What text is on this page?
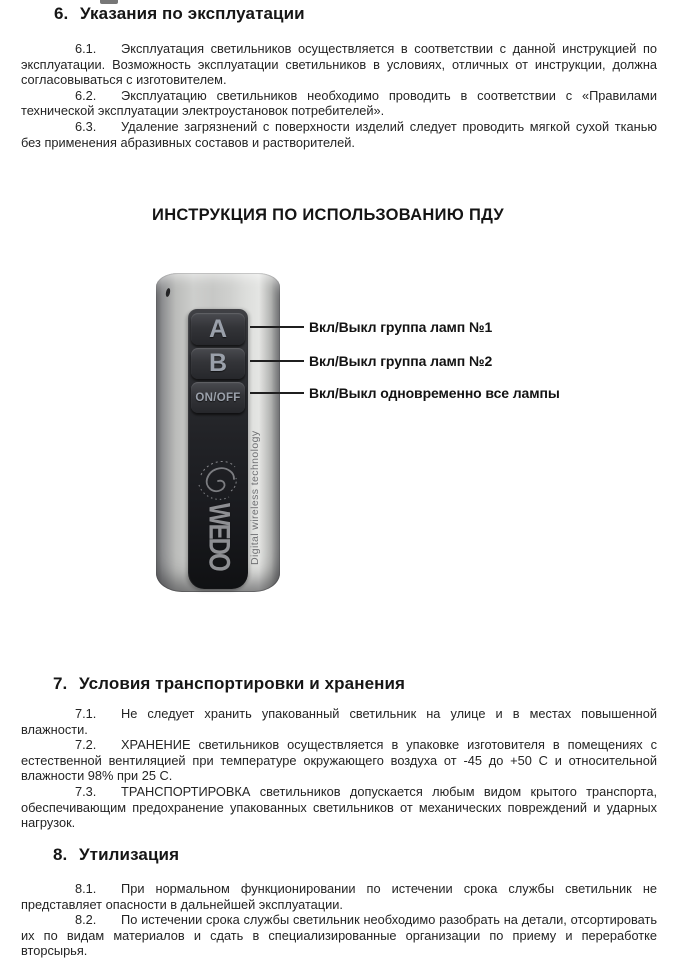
6. Указания по эксплуатации

6.1. Эксплуатация светильников осуществляется в соответствии с данной инструкцией по эксплуатации. Возможность эксплуатации светильников в условиях, отличных от инструкции, должна согласовываться с изготовителем.

6.2. Эксплуатацию светильников необходимо проводить в соответствии с «Правилами технической эксплуатации электроустановок потребителей».

6.3. Удаление загрязнений с поверхности изделий следует проводить мягкой сухой тканью без применения абразивных составов и растворителей.

ИНСТРУКЦИЯ ПО ИСПОЛЬЗОВАНИЮ ПДУ
A
B
ON/OFF
WEDO Digital wireless technology
Вкл/Выкл группа ламп №1
Вкл/Выкл группа ламп №2
Вкл/Выкл одновременно все лампы
7. Условия транспортировки и хранения

7.1. Не следует хранить упакованный светильник на улице и в местах повышенной влажности.

7.2. ХРАНЕНИЕ светильников осуществляется в упаковке изготовителя в помещениях с естественной вентиляцией при температуре окружающего воздуха от -45 до +50 С и относительной влажности 98% при 25 С.

7.3. ТРАНСПОРТИРОВКА светильников допускается любым видом крытого транспорта, обеспечивающим предохранение упакованных светильников от механических повреждений и ударных нагрузок.

8. Утилизация

8.1. При нормальном функционировании по истечении срока службы светильник не представляет опасности в дальнейшей эксплуатации.

8.2. По истечении срока службы светильник необходимо разобрать на детали, отсортировать их по видам материалов и сдать в специализированные организации по приему и переработке вторсырья.
